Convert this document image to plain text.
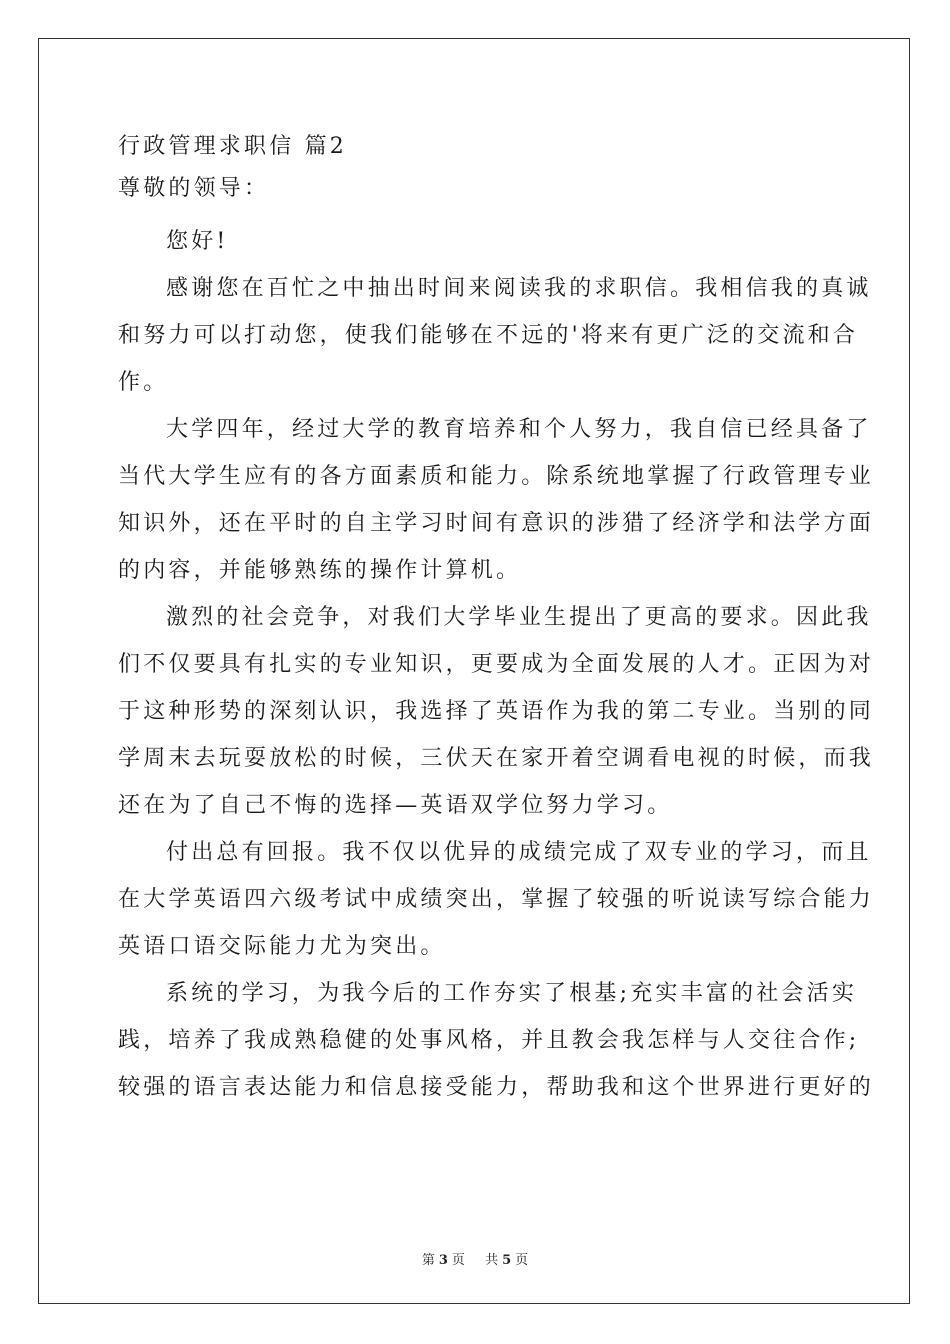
行政管理求职信 篇2
尊敬的领导：
您好!
感谢您在百忙之中抽出时间来阅读我的求职信。我相信我的真诚
和努力可以打动您，使我们能够在不远的'将来有更广泛的交流和合
作。
大学四年，经过大学的教育培养和个人努力，我自信已经具备了
当代大学生应有的各方面素质和能力。除系统地掌握了行政管理专业
知识外，还在平时的自主学习时间有意识的涉猎了经济学和法学方面
的内容，并能够熟练的操作计算机。
激烈的社会竞争，对我们大学毕业生提出了更高的要求。因此我
们不仅要具有扎实的专业知识，更要成为全面发展的人才。正因为对
于这种形势的深刻认识，我选择了英语作为我的第二专业。当别的同
学周末去玩耍放松的时候，三伏天在家开着空调看电视的时候，而我
还在为了自己不悔的选择—英语双学位努力学习。
付出总有回报。我不仅以优异的成绩完成了双专业的学习，而且
在大学英语四六级考试中成绩突出，掌握了较强的听说读写综合能力
英语口语交际能力尤为突出。
系统的学习，为我今后的工作夯实了根基;充实丰富的社会活实
践，培养了我成熟稳健的处事风格，并且教会我怎样与人交往合作;
较强的语言表达能力和信息接受能力，帮助我和这个世界进行更好的
第 3 页 共 5 页
